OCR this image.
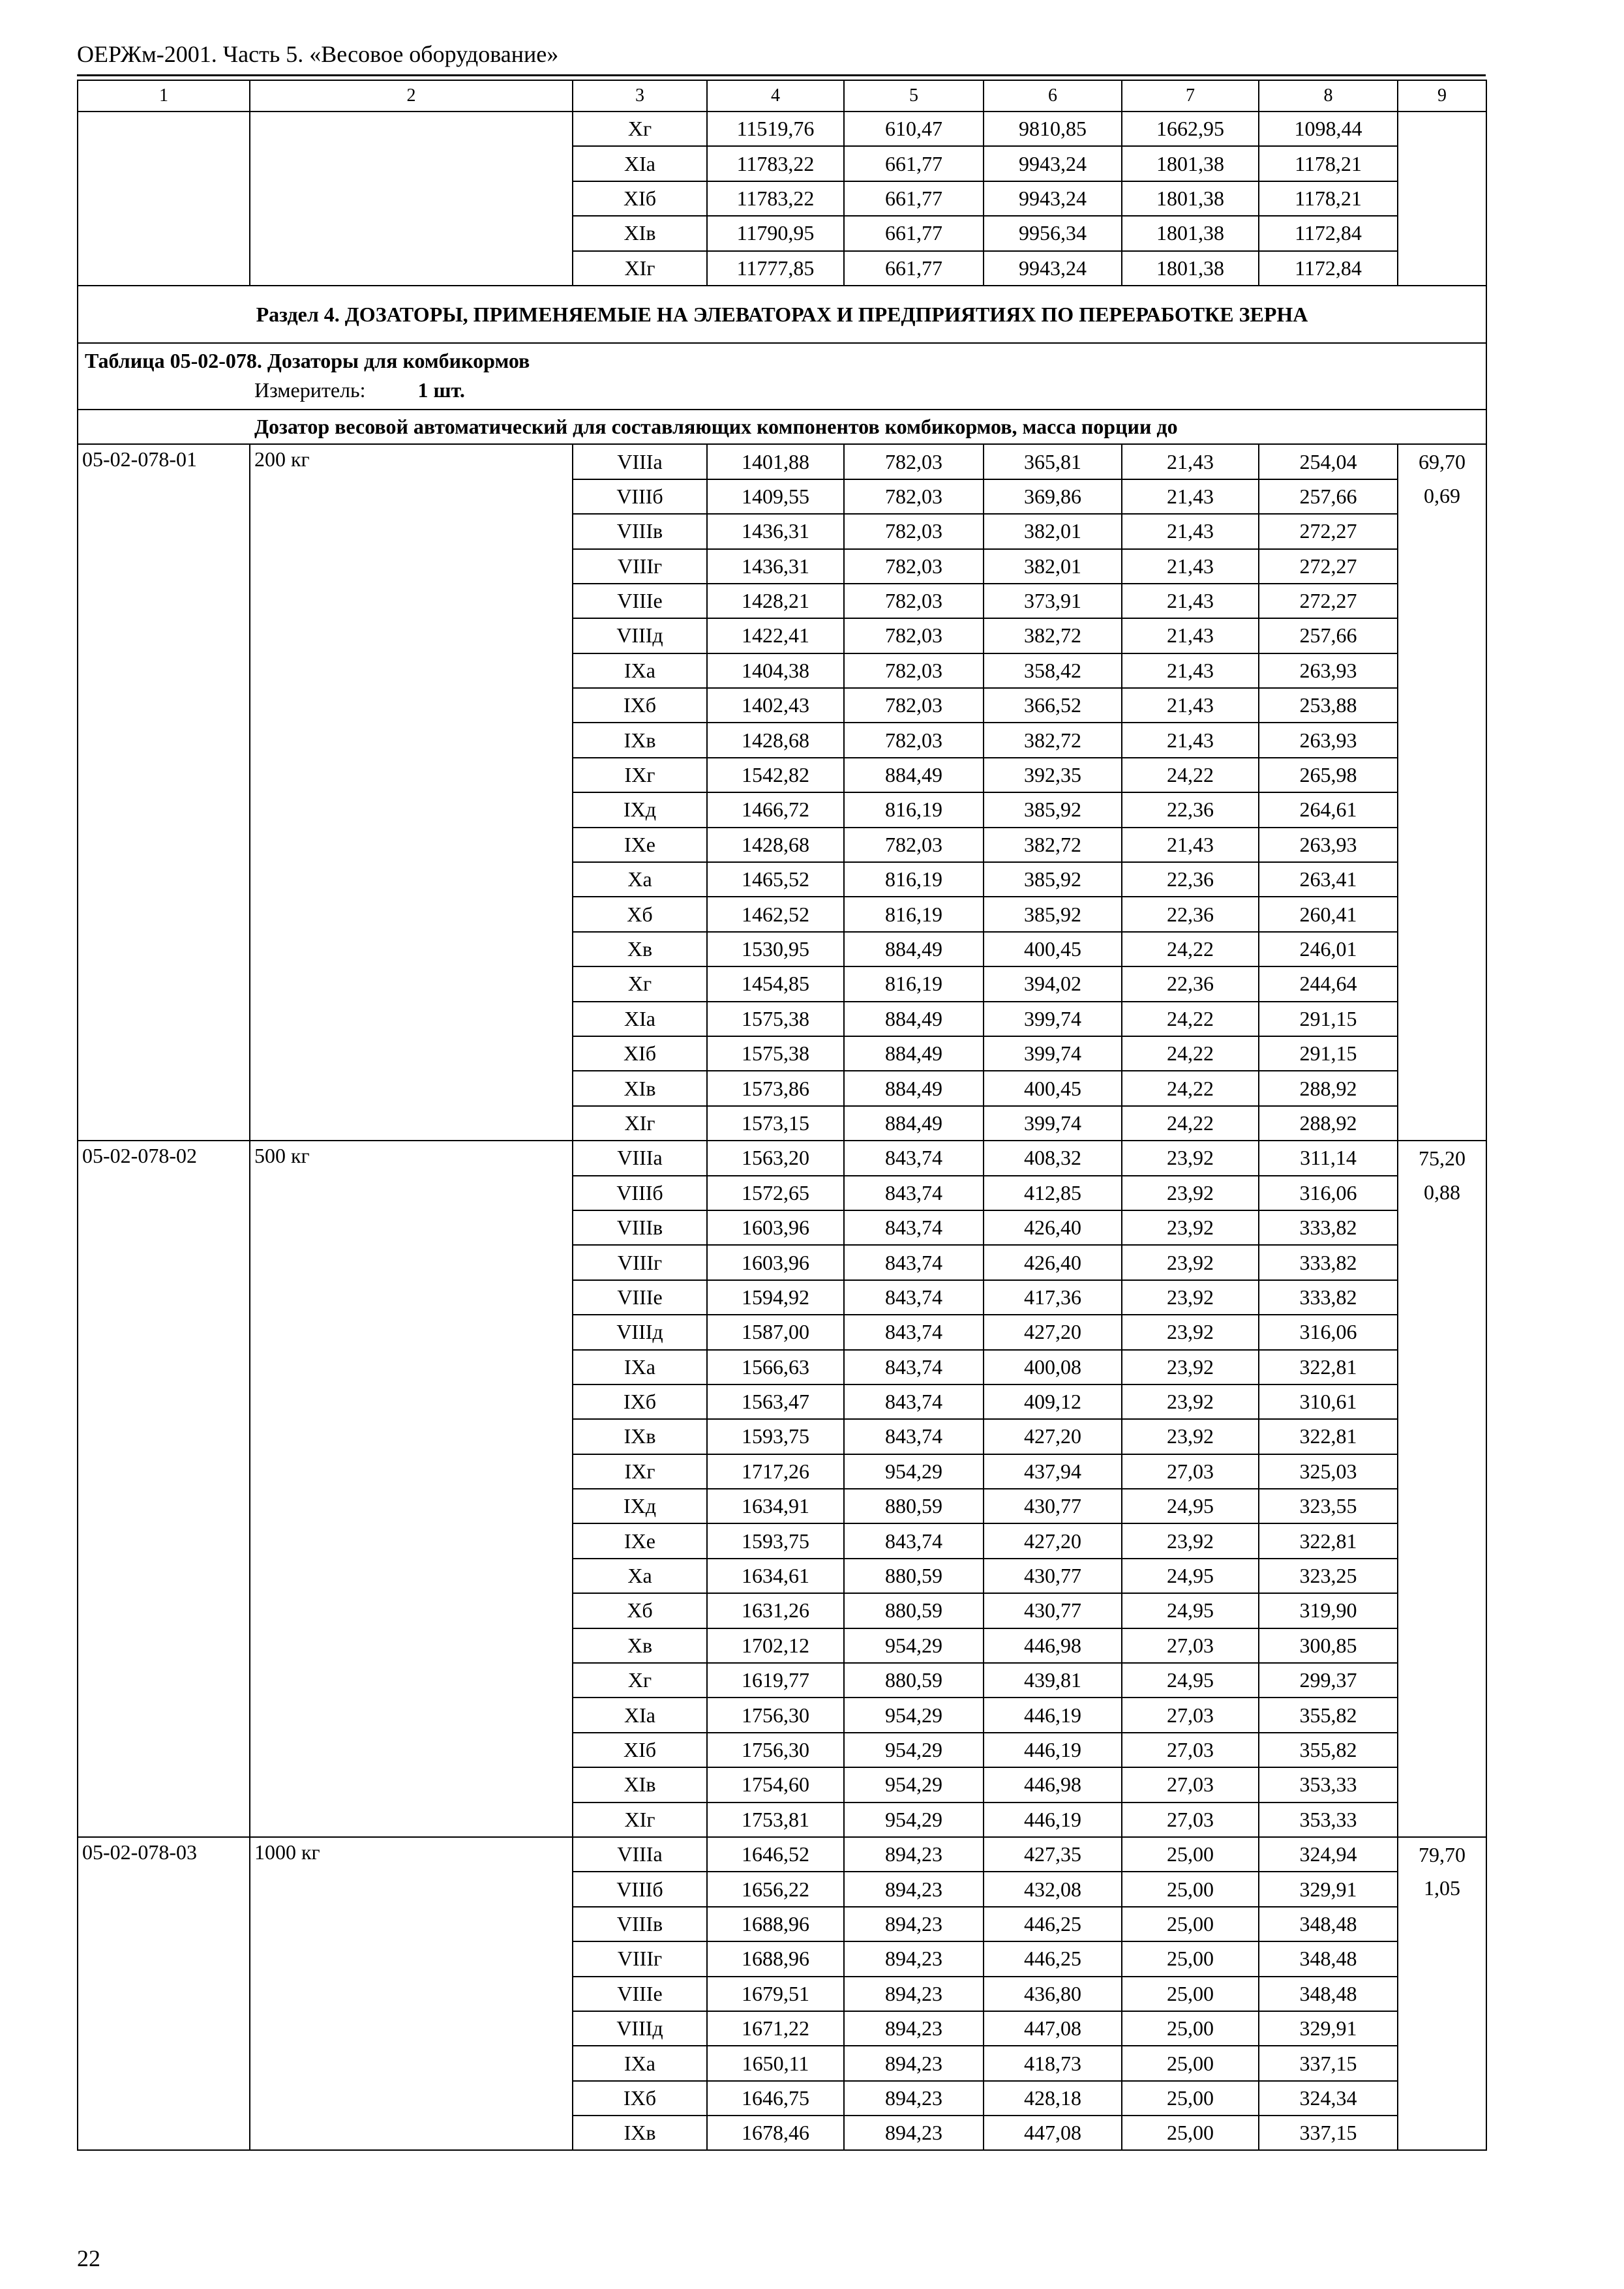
ОЕРЖм-2001. Часть 5. «Весовое оборудование»
1	2	3	4	5	6	7	8	9
		Xг	11519,76	610,47	9810,85	1662,95	1098,44	
		XIa	11783,22	661,77	9943,24	1801,38	1178,21	
		XIб	11783,22	661,77	9943,24	1801,38	1178,21	
		XIв	11790,95	661,77	9956,34	1801,38	1172,84	
		XIг	11777,85	661,77	9943,24	1801,38	1172,84	
Раздел 4. ДОЗАТОРЫ, ПРИМЕНЯЕМЫЕ НА ЭЛЕВАТОРАХ И ПРЕДПРИЯТИЯХ ПО ПЕРЕРАБОТКЕ ЗЕРНА								
Таблица 05-02-078. Дозаторы для комбикормов								
Измеритель: 1 шт.								
Дозатор весовой автоматический для составляющих компонентов комбикормов, масса порции до								
05-02-078-01	200 кг	VIIIa	1401,88	782,03	365,81	21,43	254,04	69,70
0,69

		VIIIб	1409,55	782,03	369,86	21,43	257,66	
		VIIIв	1436,31	782,03	382,01	21,43	272,27	
		VIIIг	1436,31	782,03	382,01	21,43	272,27	
		VIIIe	1428,21	782,03	373,91	21,43	272,27	
		VIIIд	1422,41	782,03	382,72	21,43	257,66	
		IXa	1404,38	782,03	358,42	21,43	263,93	
		IXб	1402,43	782,03	366,52	21,43	253,88	
		IXв	1428,68	782,03	382,72	21,43	263,93	
		IXг	1542,82	884,49	392,35	24,22	265,98	
		IXд	1466,72	816,19	385,92	22,36	264,61	
		IXe	1428,68	782,03	382,72	21,43	263,93	
		Xa	1465,52	816,19	385,92	22,36	263,41	
		Xб	1462,52	816,19	385,92	22,36	260,41	
		Xв	1530,95	884,49	400,45	24,22	246,01	
		Xг	1454,85	816,19	394,02	22,36	244,64	
		XIa	1575,38	884,49	399,74	24,22	291,15	
		XIб	1575,38	884,49	399,74	24,22	291,15	
		XIв	1573,86	884,49	400,45	24,22	288,92	
		XIг	1573,15	884,49	399,74	24,22	288,92	
05-02-078-02	500 кг	VIIIa	1563,20	843,74	408,32	23,92	311,14	75,20
0,88

		VIIIб	1572,65	843,74	412,85	23,92	316,06	
		VIIIв	1603,96	843,74	426,40	23,92	333,82	
		VIIIг	1603,96	843,74	426,40	23,92	333,82	
		VIIIe	1594,92	843,74	417,36	23,92	333,82	
		VIIIд	1587,00	843,74	427,20	23,92	316,06	
		IXa	1566,63	843,74	400,08	23,92	322,81	
		IXб	1563,47	843,74	409,12	23,92	310,61	
		IXв	1593,75	843,74	427,20	23,92	322,81	
		IXг	1717,26	954,29	437,94	27,03	325,03	
		IXд	1634,91	880,59	430,77	24,95	323,55	
		IXe	1593,75	843,74	427,20	23,92	322,81	
		Xa	1634,61	880,59	430,77	24,95	323,25	
		Xб	1631,26	880,59	430,77	24,95	319,90	
		Xв	1702,12	954,29	446,98	27,03	300,85	
		Xг	1619,77	880,59	439,81	24,95	299,37	
		XIa	1756,30	954,29	446,19	27,03	355,82	
		XIб	1756,30	954,29	446,19	27,03	355,82	
		XIв	1754,60	954,29	446,98	27,03	353,33	
		XIг	1753,81	954,29	446,19	27,03	353,33	
05-02-078-03	1000 кг	VIIIa	1646,52	894,23	427,35	25,00	324,94	79,70
1,05

		VIIIб	1656,22	894,23	432,08	25,00	329,91	
		VIIIв	1688,96	894,23	446,25	25,00	348,48	
		VIIIг	1688,96	894,23	446,25	25,00	348,48	
		VIIIe	1679,51	894,23	436,80	25,00	348,48	
		VIIIд	1671,22	894,23	447,08	25,00	329,91	
		IXa	1650,11	894,23	418,73	25,00	337,15	
		IXб	1646,75	894,23	428,18	25,00	324,34	
		IXв	1678,46	894,23	447,08	25,00	337,15	
22
